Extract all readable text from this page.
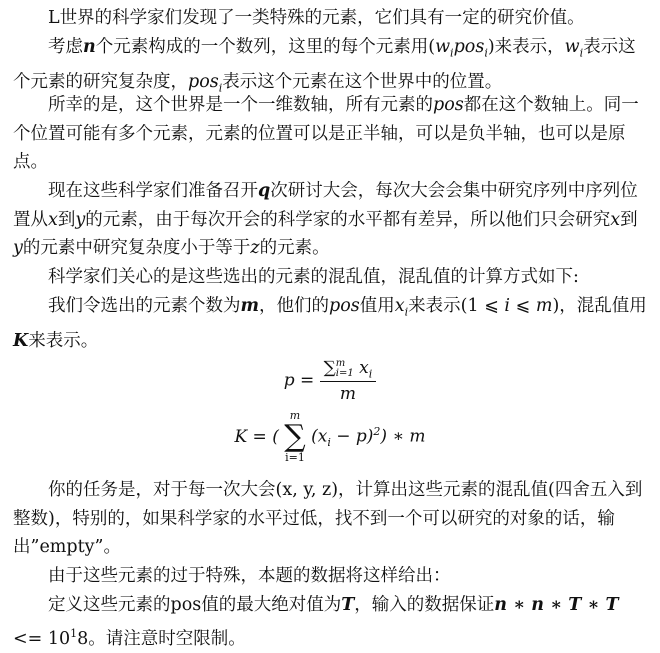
L世界的科学家们发现了一类特殊的元素，它们具有一定的研究价值。

考虑n个元素构成的一个数列，这里的每个元素用$(w_ipos_i)$来表示，$w_i$表示这个元素的研究复杂度，pos$_i$表示这个元素在这个世界中的位置。

所幸的是，这个世界是一个一维数轴，所有元素的pos都在这个数轴上。同一个位置可能有多个元素，元素的位置可以是正半轴，可以是负半轴，也可以是原点。

现在这些科学家们准备召开q次研讨大会，每次大会会集中研究序列中序列位置从x到y的元素，由于每次开会的科学家的水平都有差异，所以他们只会研究x到y的元素中研究复杂度小于等于z的元素。

科学家们关心的是这些选出的元素的混乱值，混乱值的计算方式如下:

我们令选出的元素个数为m，他们的pos值用$x_i$来表示(1 ⩽ i ⩽ m)，混乱值用K来表示。

p = ∑ m
i=1 $x_i$
m
K = (
m
∑
i=1
$(x_i - p)^2$) ∗ m

你的任务是，对于每一次大会(x, y, z)，计算出这些元素的混乱值(四舍五入到整数)，特别的，如果科学家的水平过低，找不到一个可以研究的对象的话，输出”empty”。

由于这些元素的过于特殊，本题的数据将这样给出：

定义这些元素的pos值的最大绝对值为T，输入的数据保证n ∗ n ∗ T ∗ $T <= 10^18$。请注意时空限制。
